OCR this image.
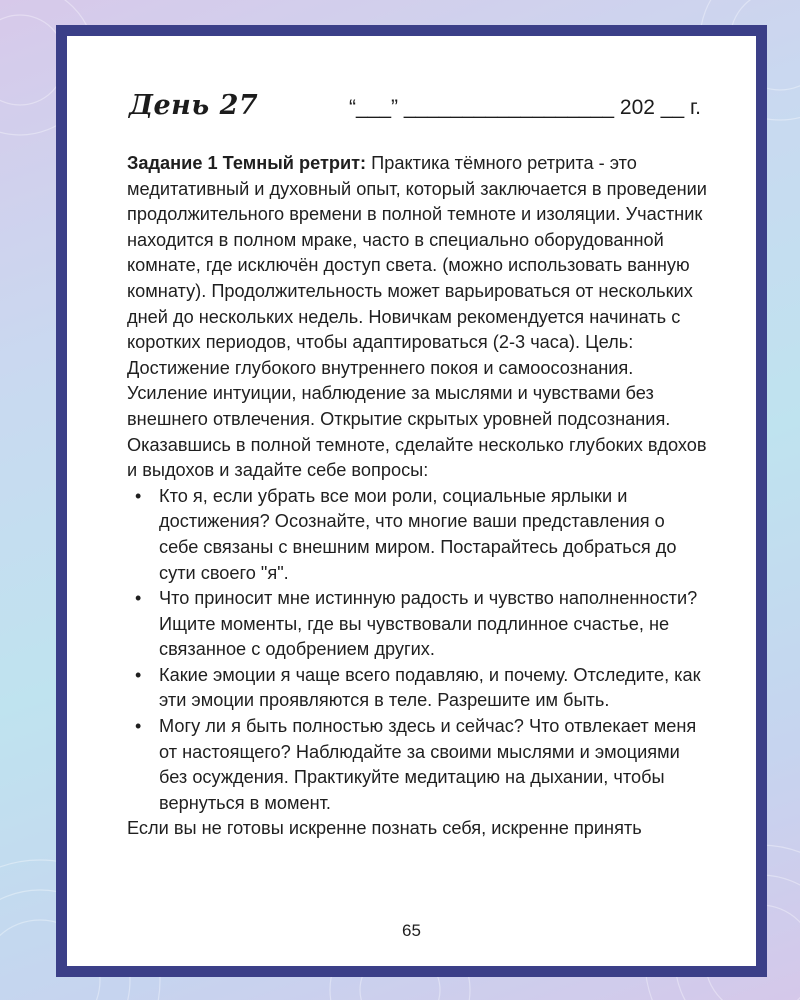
День 27	“___” __________________ 202 __ г.

Задание 1 Темный ретрит: Практика тёмного ретрита - это медитативный и духовный опыт, который заключается в проведении продолжительного времени в полной темноте и изоляции. Участник находится в полном мраке, часто в специально оборудованной комнате, где исключён доступ света. (можно использовать ванную комнату). Продолжительность может варьироваться от нескольких дней до нескольких недель. Новичкам рекомендуется начинать с коротких периодов, чтобы адаптироваться (2-3 часа). Цель: Достижение глубокого внутреннего покоя и самоосознания. Усиление интуиции, наблюдение за мыслями и чувствами без внешнего отвлечения. Открытие скрытых уровней подсознания.

Оказавшись в полной темноте, сделайте несколько глубоких вдохов и выдохов и задайте себе вопросы:

• Кто я, если убрать все мои роли, социальные ярлыки и достижения? Осознайте, что многие ваши представления о себе связаны с внешним миром. Постарайтесь добраться до сути своего "я".
• Что приносит мне истинную радость и чувство наполненности? Ищите моменты, где вы чувствовали подлинное счастье, не связанное с одобрением других.
• Какие эмоции я чаще всего подавляю, и почему. Отследите, как эти эмоции проявляются в теле. Разрешите им быть.
• Могу ли я быть полностью здесь и сейчас? Что отвлекает меня от настоящего? Наблюдайте за своими мыслями и эмоциями без осуждения. Практикуйте медитацию на дыхании, чтобы вернуться в момент.

Если вы не готовы искренне познать себя, искренне принять

65
